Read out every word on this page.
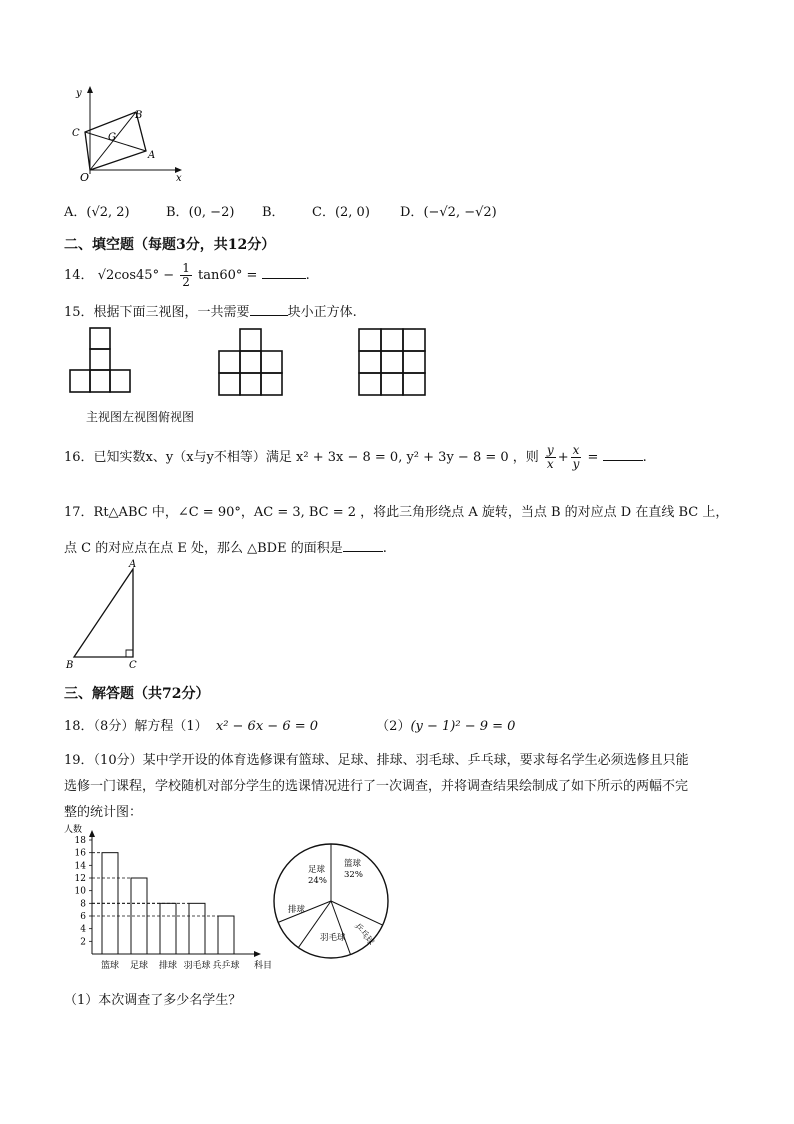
y
x
O
A
B
C	G
A．(√2, 2)	B．(0, −2) B． C．(2, 0) D．(−√2, −√2)
二、填空题（每题3分，共12分）
14． $√2\cos 45^\circ - \frac{1}{2} \tan 60^\circ$ =	.
15．根据下面三视图，一共需要	块小正方体.
主视图左视图俯视图
16．已知实数x、y（x与y不相等）满足 x² + 3x − 8 = 0, y² + 3y − 8 = 0 ，则 $\frac{y}{x} + \frac{x}{y}$ =	.
17．Rt△ABC 中，∠C = 90°，AC = 3, BC = 2 ，将此三角形绕点 A 旋转，当点 B 的对应点 D 在直线 BC 上，
点 C 的对应点在点 E 处，那么 △BDE 的面积是	.
A
B	C
三、解答题（共72分）
18．（8分）解方程（1） x² − 6x − 6 = 0	（2）(y − 1)² − 9 = 0
19．（10分）某中学开设的体育选修课有篮球、足球、排球、羽毛球、乒乓球，要求每名学生必须选修且只能
选修一门课程，学校随机对部分学生的选课情况进行了一次调查，并将调查结果绘制成了如下所示的两幅不完
整的统计图：
人数
科目
2
4
6
8
10
12
14
16
18
篮球 足球 排球 羽毛球 兵乒球
篮球
32%
足球
24%
排球
羽毛球 乒乓球
（1）本次调查了多少名学生？
